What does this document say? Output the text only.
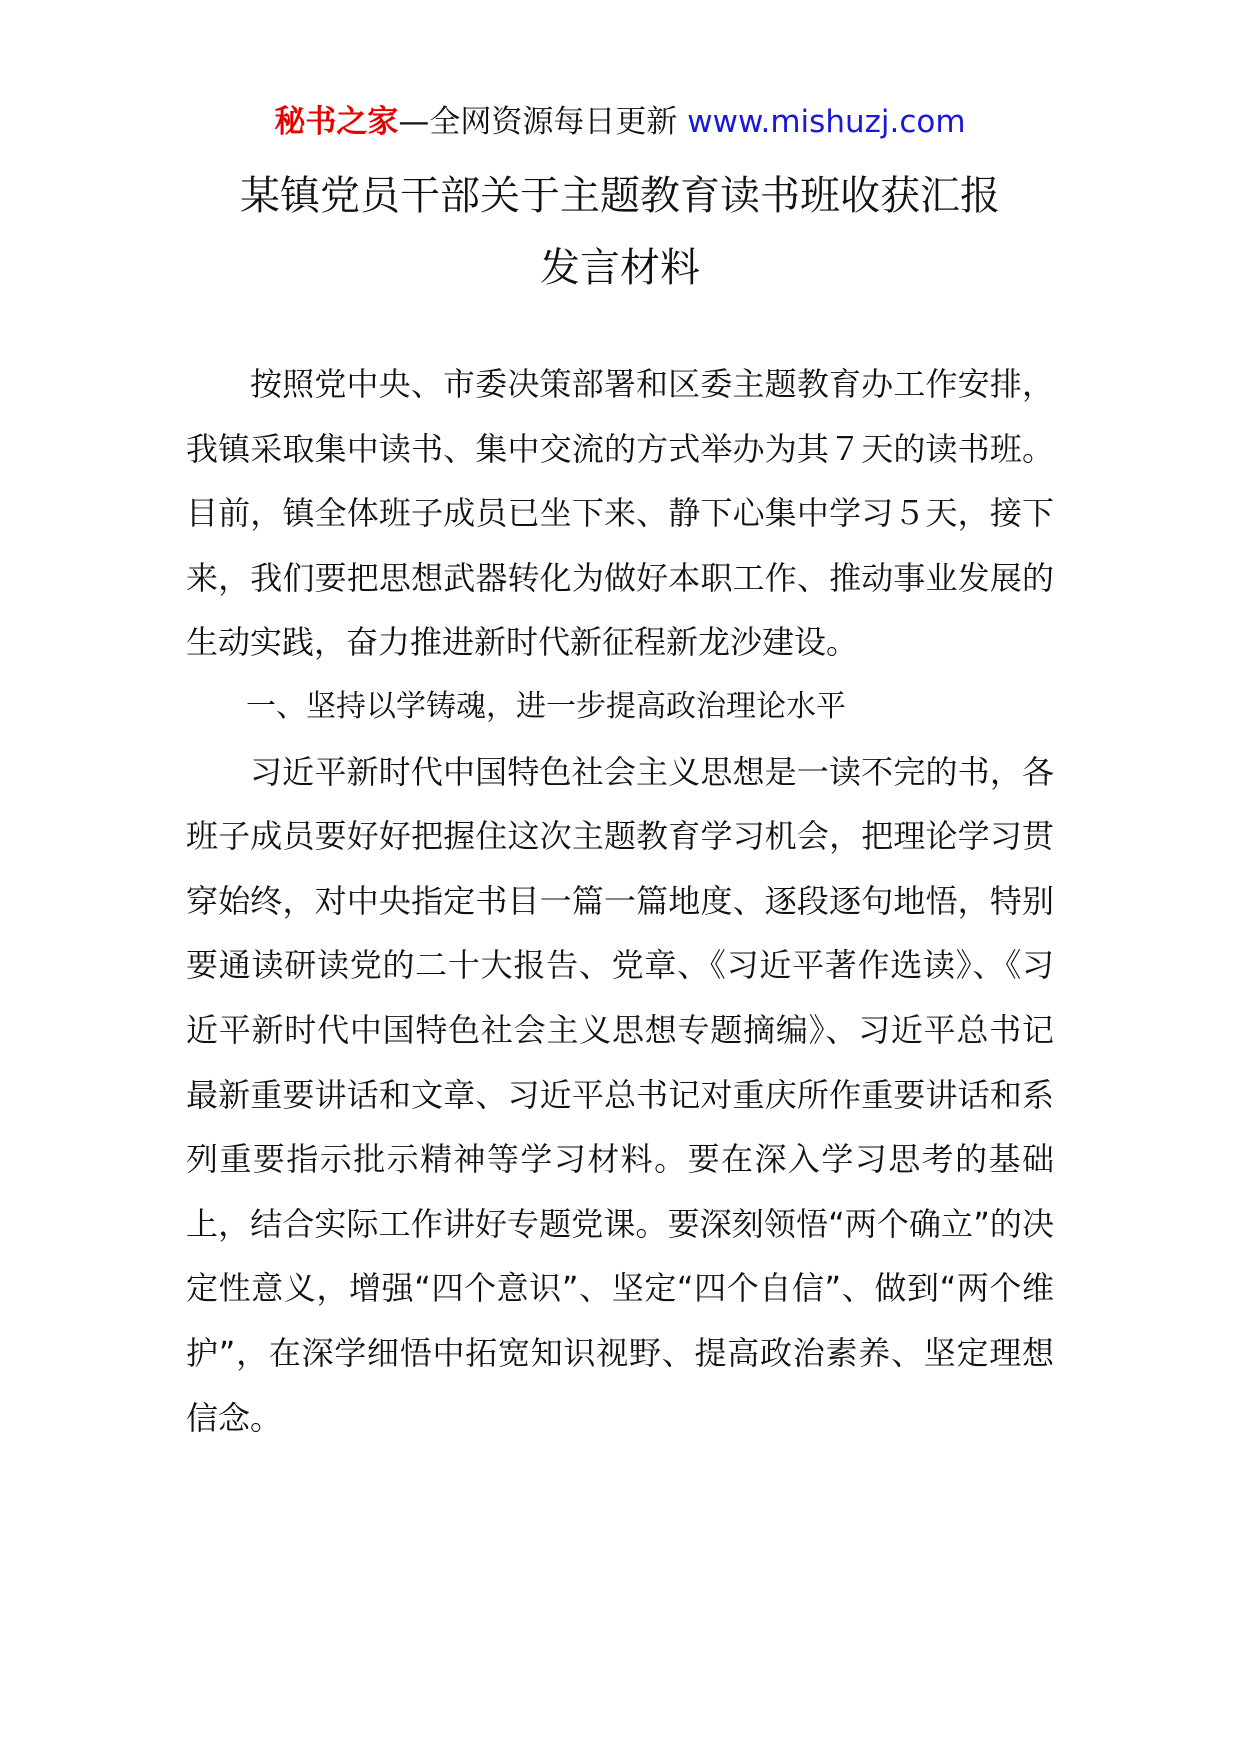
秘书之家—全网资源每日更新 www.mishuzj.com
某镇党员干部关于主题教育读书班收获汇报
发言材料

按照党中央、市委决策部署和区委主题教育办工作安排，我镇采取集中读书、集中交流的方式举办为其７天的读书班。目前，镇全体班子成员已坐下来、静下心集中学习５天，接下来，我们要把思想武器转化为做好本职工作、推动事业发展的生动实践，奋力推进新时代新征程新龙沙建设。

一、坚持以学铸魂，进一步提高政治理论水平

习近平新时代中国特色社会主义思想是一读不完的书，各班子成员要好好把握住这次主题教育学习机会，把理论学习贯穿始终，对中央指定书目一篇一篇地度、逐段逐句地悟，特别要通读研读党的二十大报告、党章、《习近平著作选读》、《习近平新时代中国特色社会主义思想专题摘编》、习近平总书记最新重要讲话和文章、习近平总书记对重庆所作重要讲话和系列重要指示批示精神等学习材料。要在深入学习思考的基础上，结合实际工作讲好专题党课。要深刻领悟“两个确立”的决定性意义，增强“四个意识”、坚定“四个自信”、做到“两个维护”，在深学细悟中拓宽知识视野、提高政治素养、坚定理想信念。
